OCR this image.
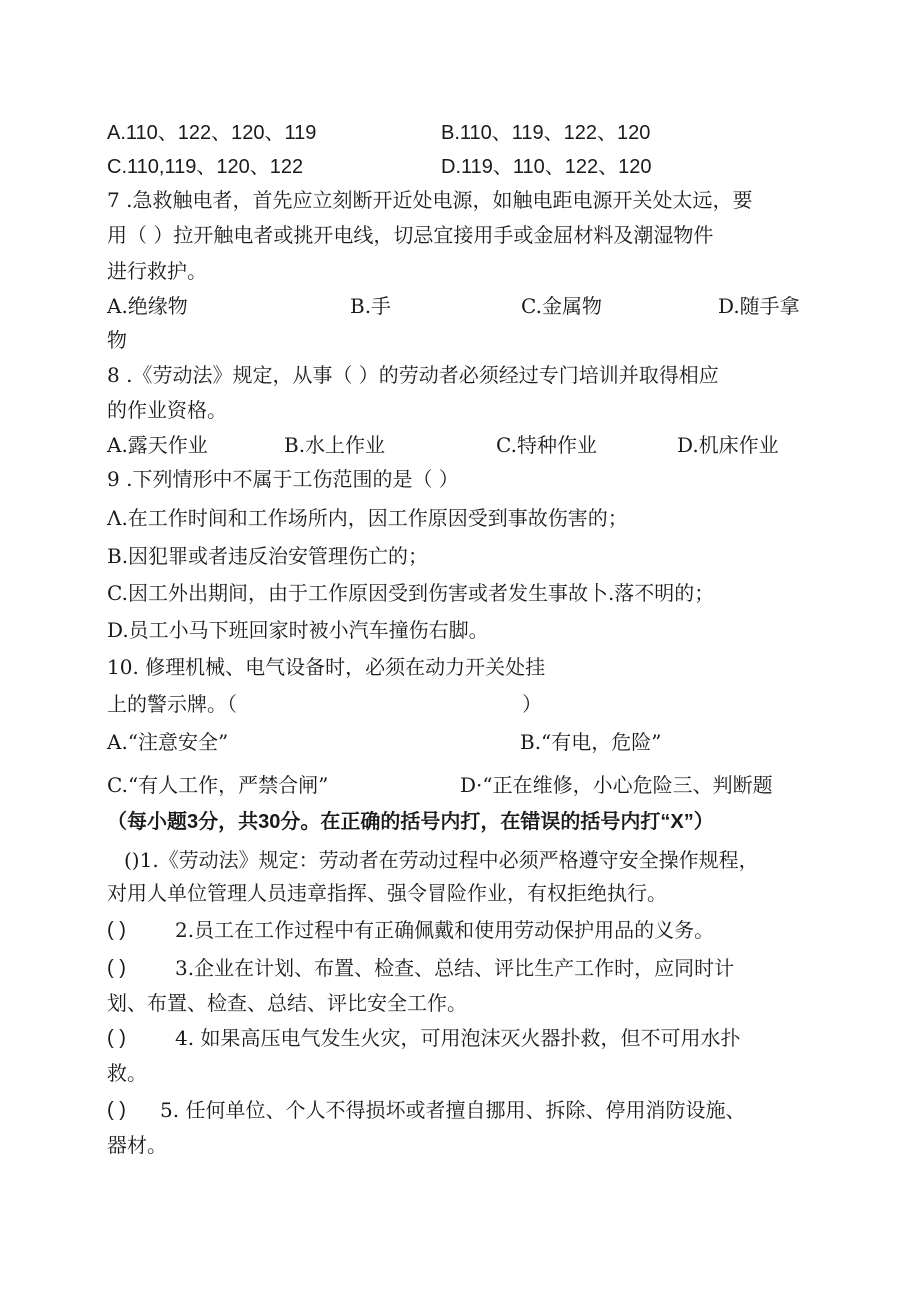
A.110、122、120、119	B.110、119、122、120
C.110,119、120、122	D.119、110、122、120
7 .急救触电者，首先应立刻断开近处电源，如触电距电源开关处太远，要
用（ ）拉开触电者或挑开电线，切忌宜接用手或金屈材料及潮湿物件
进行救护。
A.绝缘物	B.手	C.金属物	D.随手拿
物
8 .《劳动法》规定，从事（ ）的劳动者必须经过专门培训并取得相应
的作业资格。
A.露天作业	B.水上作业	C.特种作业	D.机床作业
9 .下列情形中不属于工伤范围的是（ ）
Λ.在工作时间和工作场所内，因工作原因受到事故伤害的；
B.因犯罪或者违反治安管理伤亡的；
C.因工外出期间，由于工作原因受到伤害或者发生事故卜.落不明的；
D.员工小马下班回家时被小汽车撞伤右脚。
10. 修理机械、电气设备时，必须在动力开关处挂
上的警示牌。（	）
A.“注意安全”	B.“有电，危险”
C.“有人工作，严禁合闸”	D·“正在维修，小心危险三、判断题
（每小题3分，共30分。在正确的括号内打，在错误的括号内打“X”）
()1.《劳动法》规定：劳动者在劳动过程中必须严格遵守安全操作规程，
对用人单位管理人员违章指挥、强令冒险作业，有权拒绝执行。
( ) 2.员工在工作过程中有正确佩戴和使用劳动保护用品的义务。
( ) 3.企业在计划、布置、检查、总结、评比生产工作时，应同时计
划、布置、检查、总结、评比安全工作。
( ) 4. 如果高压电气发生火灾，可用泡沫灭火器扑救，但不可用水扑
救。
( ) 5. 任何单位、个人不得损坏或者擅自挪用、拆除、停用消防设施、
器材。
